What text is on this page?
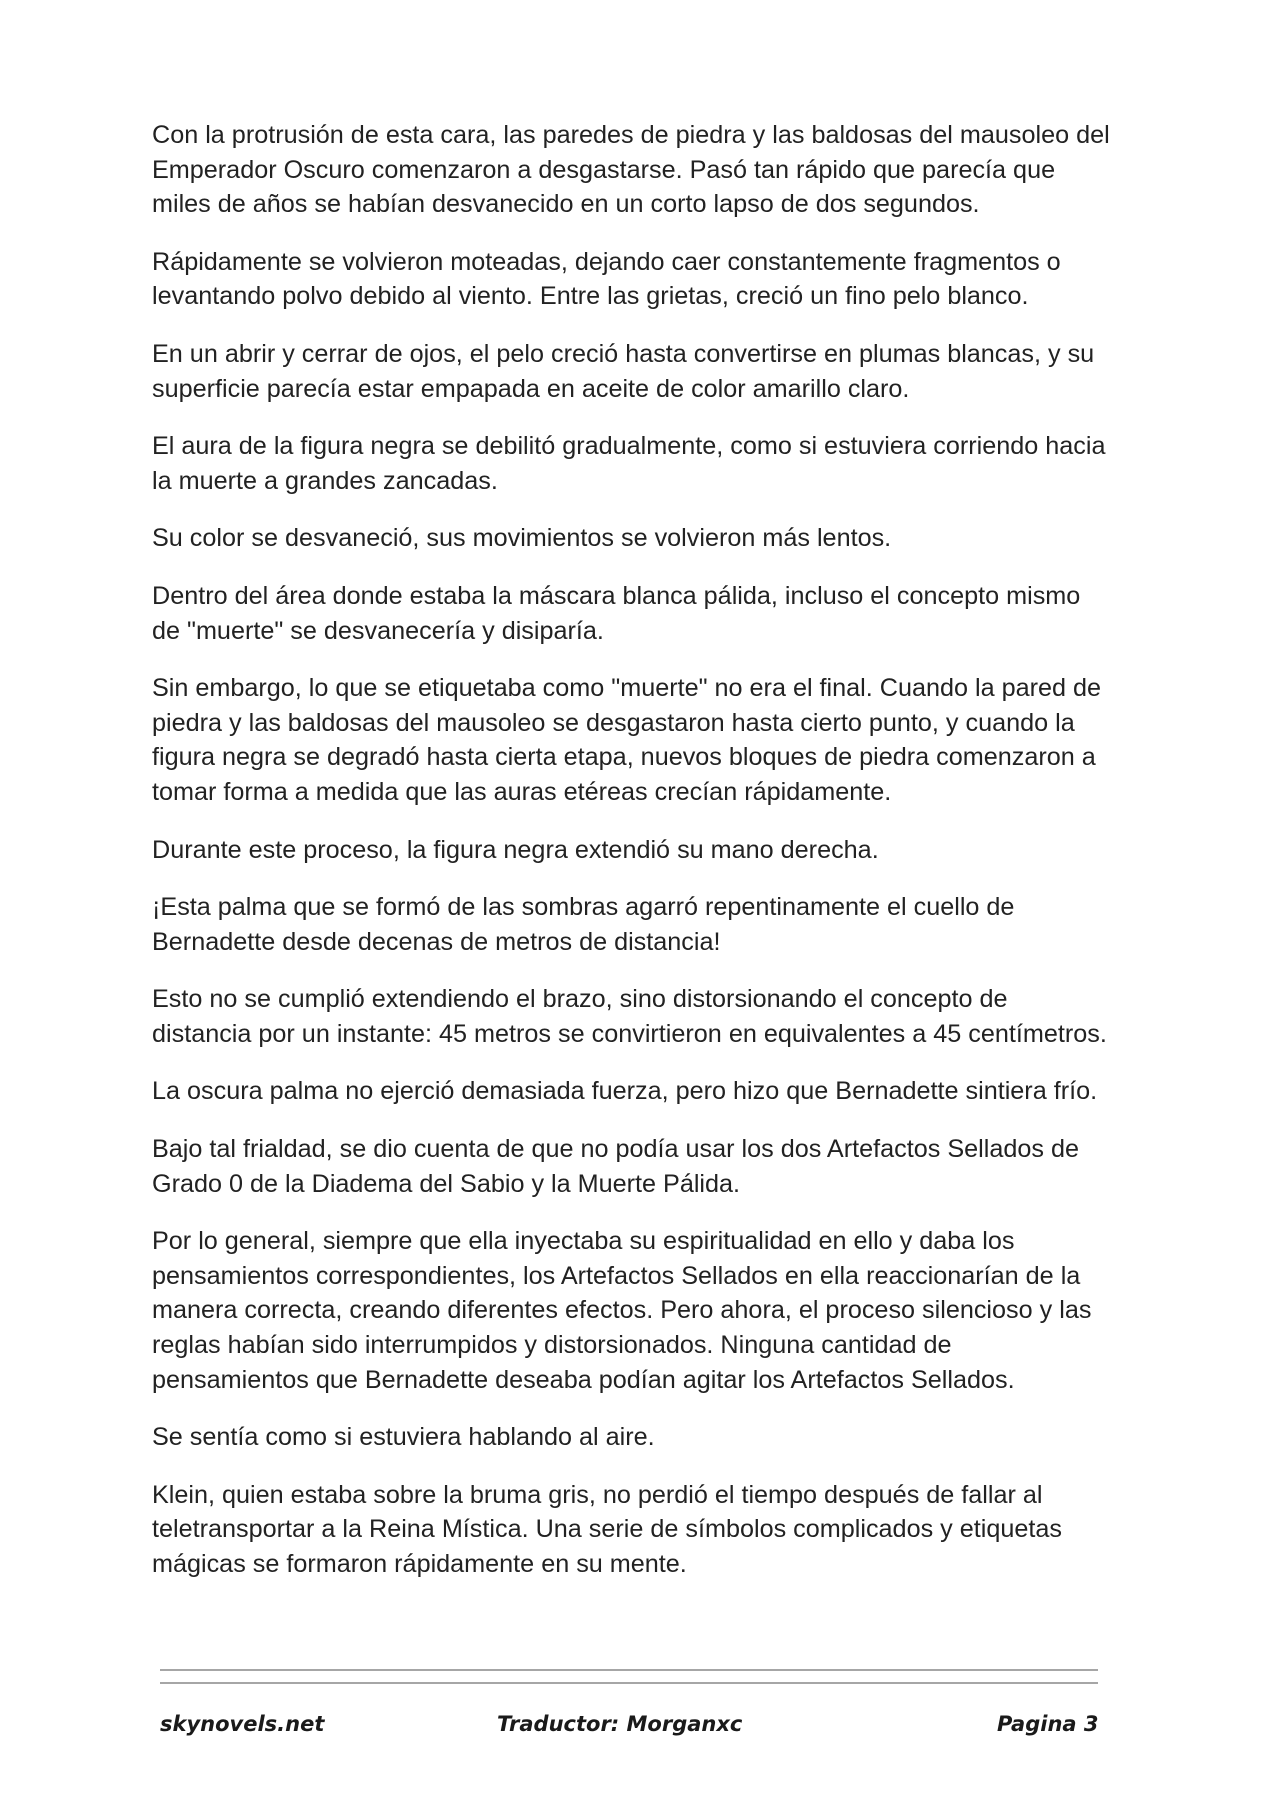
Con la protrusión de esta cara, las paredes de piedra y las baldosas del mausoleo del Emperador Oscuro comenzaron a desgastarse. Pasó tan rápido que parecía que miles de años se habían desvanecido en un corto lapso de dos segundos.

Rápidamente se volvieron moteadas, dejando caer constantemente fragmentos o levantando polvo debido al viento. Entre las grietas, creció un fino pelo blanco.

En un abrir y cerrar de ojos, el pelo creció hasta convertirse en plumas blancas, y su superficie parecía estar empapada en aceite de color amarillo claro.

El aura de la figura negra se debilitó gradualmente, como si estuviera corriendo hacia la muerte a grandes zancadas.

Su color se desvaneció, sus movimientos se volvieron más lentos.

Dentro del área donde estaba la máscara blanca pálida, incluso el concepto mismo de "muerte" se desvanecería y disiparía.

Sin embargo, lo que se etiquetaba como "muerte" no era el final. Cuando la pared de piedra y las baldosas del mausoleo se desgastaron hasta cierto punto, y cuando la figura negra se degradó hasta cierta etapa, nuevos bloques de piedra comenzaron a tomar forma a medida que las auras etéreas crecían rápidamente.

Durante este proceso, la figura negra extendió su mano derecha.

¡Esta palma que se formó de las sombras agarró repentinamente el cuello de Bernadette desde decenas de metros de distancia!

Esto no se cumplió extendiendo el brazo, sino distorsionando el concepto de distancia por un instante: 45 metros se convirtieron en equivalentes a 45 centímetros.

La oscura palma no ejerció demasiada fuerza, pero hizo que Bernadette sintiera frío.

Bajo tal frialdad, se dio cuenta de que no podía usar los dos Artefactos Sellados de Grado 0 de la Diadema del Sabio y la Muerte Pálida.

Por lo general, siempre que ella inyectaba su espiritualidad en ello y daba los pensamientos correspondientes, los Artefactos Sellados en ella reaccionarían de la manera correcta, creando diferentes efectos. Pero ahora, el proceso silencioso y las reglas habían sido interrumpidos y distorsionados. Ninguna cantidad de pensamientos que Bernadette deseaba podían agitar los Artefactos Sellados.

Se sentía como si estuviera hablando al aire.

Klein, quien estaba sobre la bruma gris, no perdió el tiempo después de fallar al teletransportar a la Reina Mística. Una serie de símbolos complicados y etiquetas mágicas se formaron rápidamente en su mente.

skynovels.net	Traductor: Morganxc	Pagina 3
